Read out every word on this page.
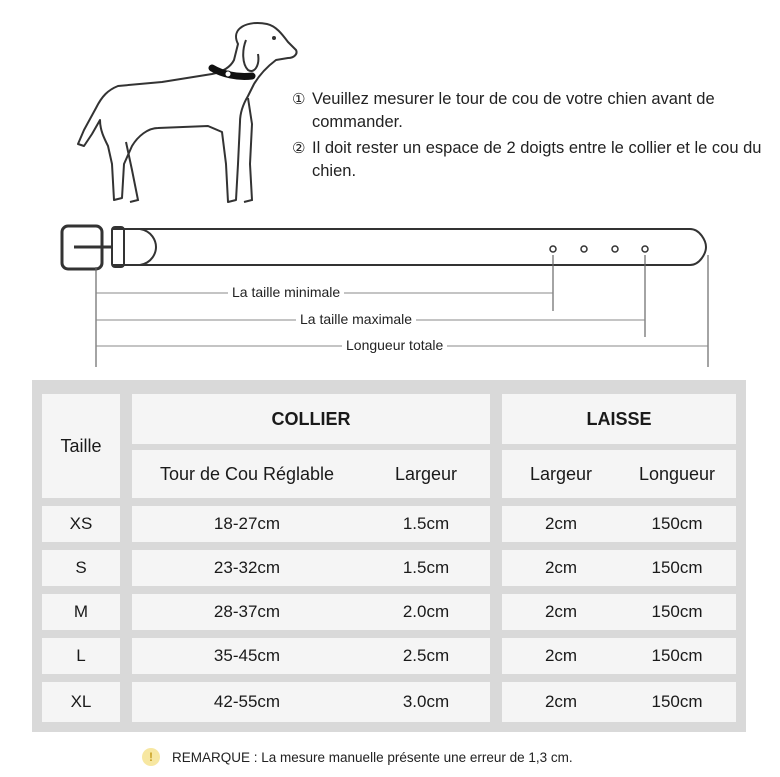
① Veuillez mesurer le tour de cou de votre chien avant de commander.
② Il doit rester un espace de 2 doigts entre le collier et le cou du chien.
La taille minimale
La taille maximale
Longueur totale
Taille
COLLIER	LAISSE
Tour de Cou Réglable	Largeur	Largeur	Longueur
XS	18-27cm	1.5cm	2cm	150cm
S	23-32cm	1.5cm	2cm	150cm
M	28-37cm	2.0cm	2cm	150cm
L	35-45cm	2.5cm	2cm	150cm
XL	42-55cm	3.0cm	2cm	150cm
!	REMARQUE : La mesure manuelle présente une erreur de 1,3 cm.
